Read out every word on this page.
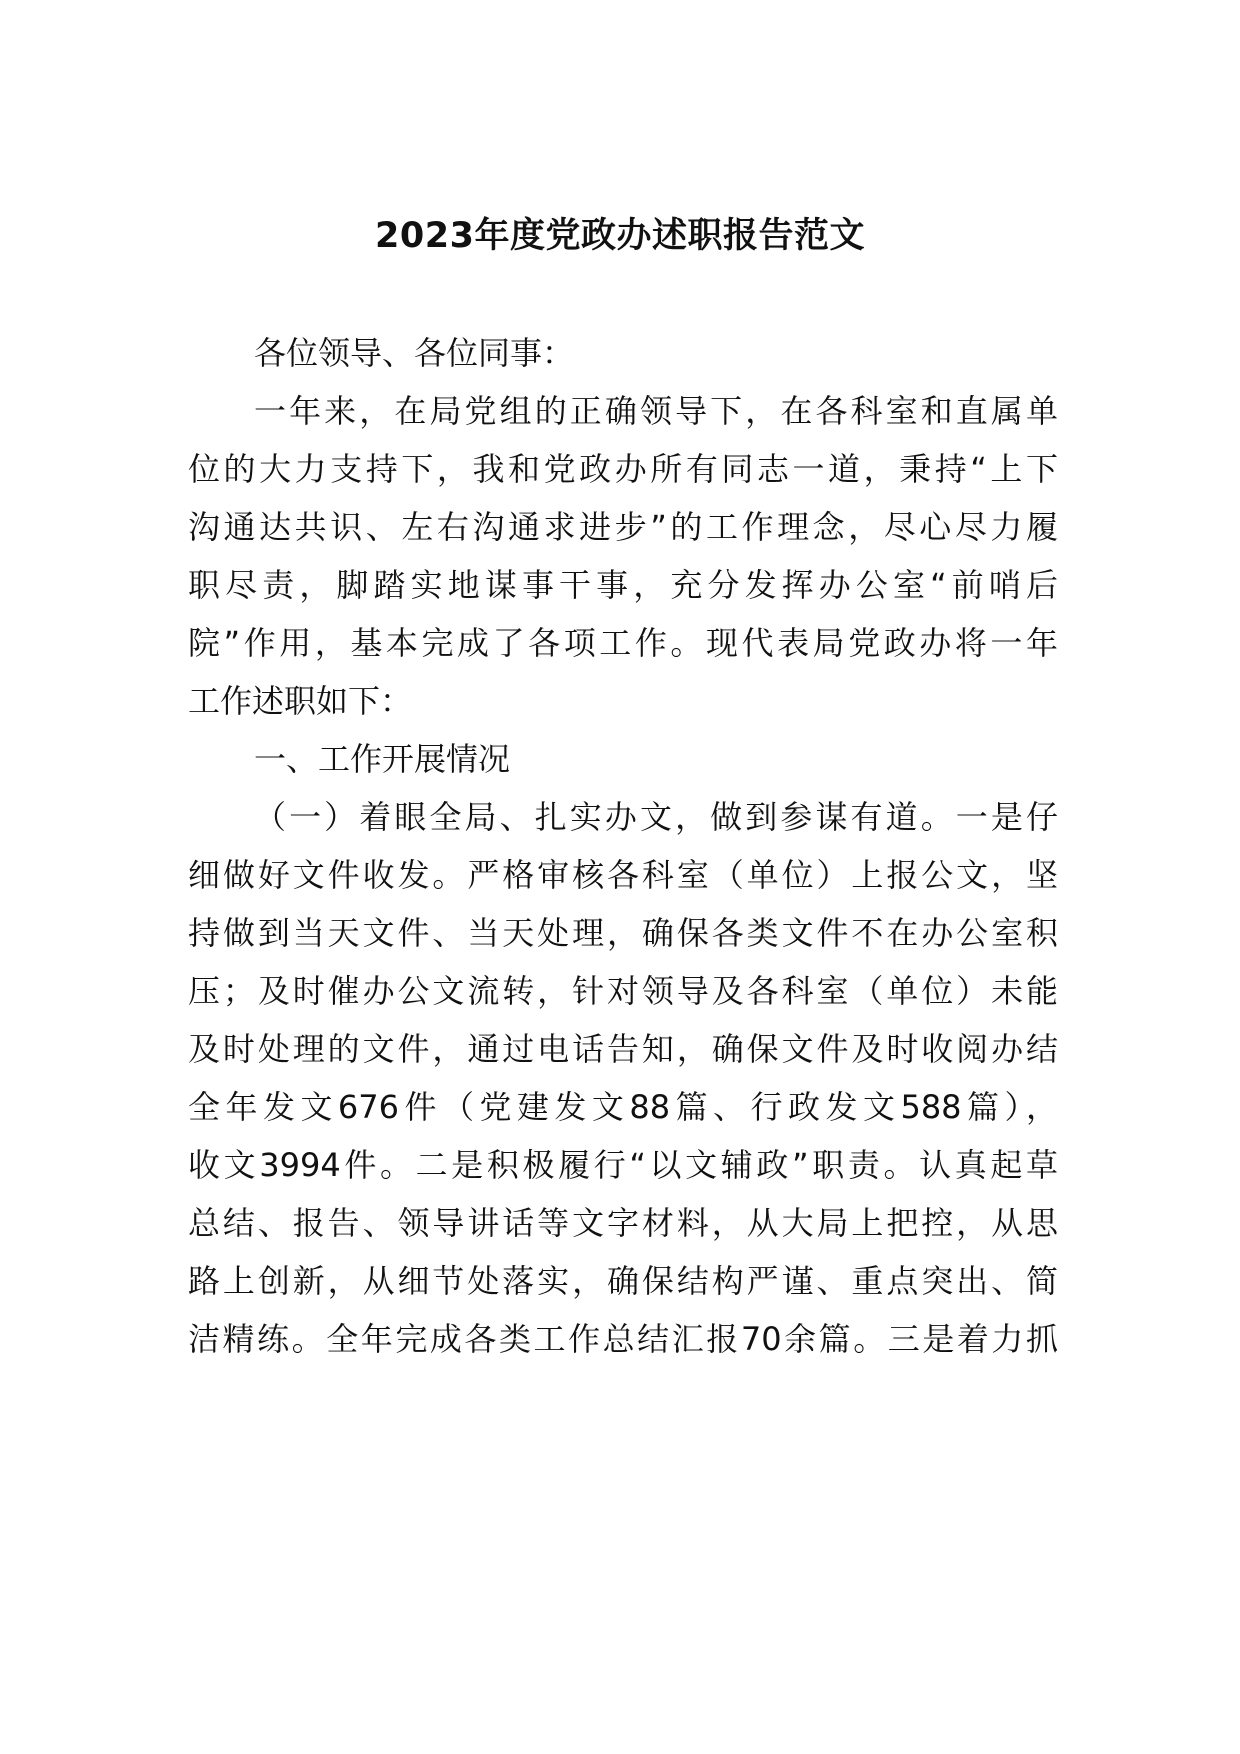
2023年度党政办述职报告范文
各位领导、各位同事：
一年来，在局党组的正确领导下，在各科室和直属单
位的大力支持下，我和党政办所有同志一道，秉持“上下
沟通达共识、左右沟通求进步”的工作理念，尽心尽力履
职尽责，脚踏实地谋事干事，充分发挥办公室“前哨后
院”作用，基本完成了各项工作。现代表局党政办将一年
工作述职如下：
一、工作开展情况
（一）着眼全局、扎实办文，做到参谋有道。一是仔
细做好文件收发。严格审核各科室（单位）上报公文，坚
持做到当天文件、当天处理，确保各类文件不在办公室积
压；及时催办公文流转，针对领导及各科室（单位）未能
及时处理的文件，通过电话告知，确保文件及时收阅办结
全年发文676件（党建发文88篇、行政发文588篇），
收文3994件。二是积极履行“以文辅政”职责。认真起草
总结、报告、领导讲话等文字材料，从大局上把控，从思
路上创新，从细节处落实，确保结构严谨、重点突出、简
洁精练。全年完成各类工作总结汇报70余篇。三是着力抓
